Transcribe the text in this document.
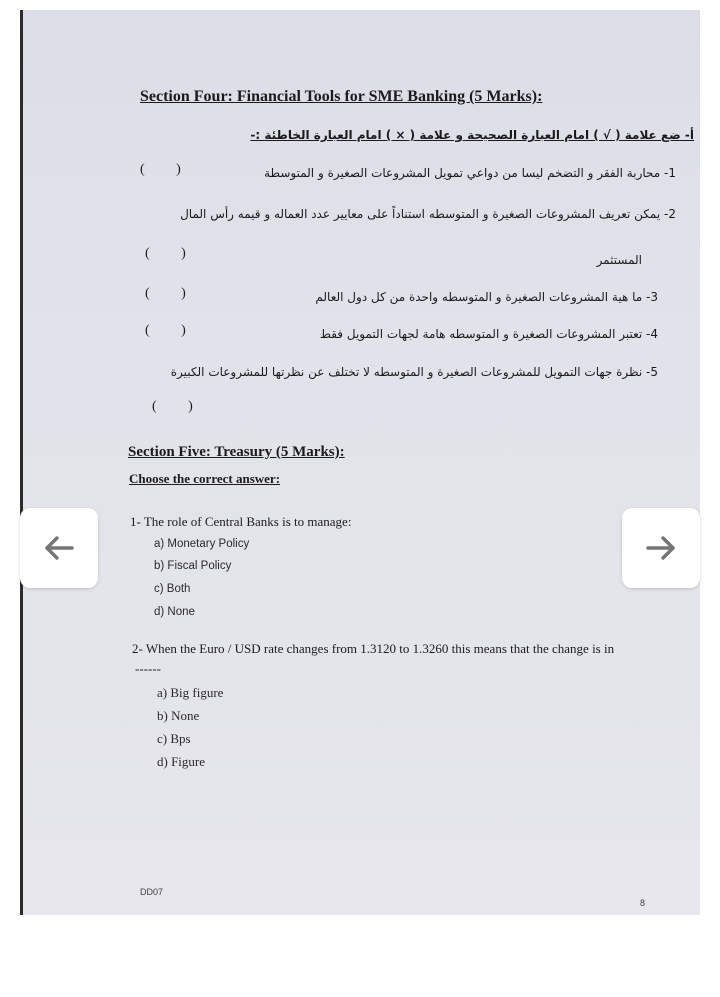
Section Four: Financial Tools for SME Banking (5 Marks):
أ- ضع علامة ( √ ) امام العبارة الصحيحة و علامة ( × ) امام العبارة الخاطئة :-
1- محاربة الفقر و التضخم ليسا من دواعي تمويل المشروعات الصغيرة و المتوسطة
( )
2- يمكن تعريف المشروعات الصغيرة و المتوسطه استناداً على معايير عدد العماله و قيمه رأس المال
المستثمر
( )
3- ما هية المشروعات الصغيرة و المتوسطه واحدة من كل دول العالم
( )
4- تعتبر المشروعات الصغيرة و المتوسطه هامة لجهات التمويل فقط
( )
5- نظرة جهات التمويل للمشروعات الصغيرة و المتوسطه لا تختلف عن نظرتها للمشروعات الكبيرة
( )
Section Five: Treasury (5 Marks):
Choose the correct answer:
1- The role of Central Banks is to manage:
a) Monetary Policy
b) Fiscal Policy
c) Both
d) None
2- When the Euro / USD rate changes from 1.3120 to 1.3260 this means that the change is in
------
a) Big figure
b) None
c) Bps
d) Figure
DD07
8
